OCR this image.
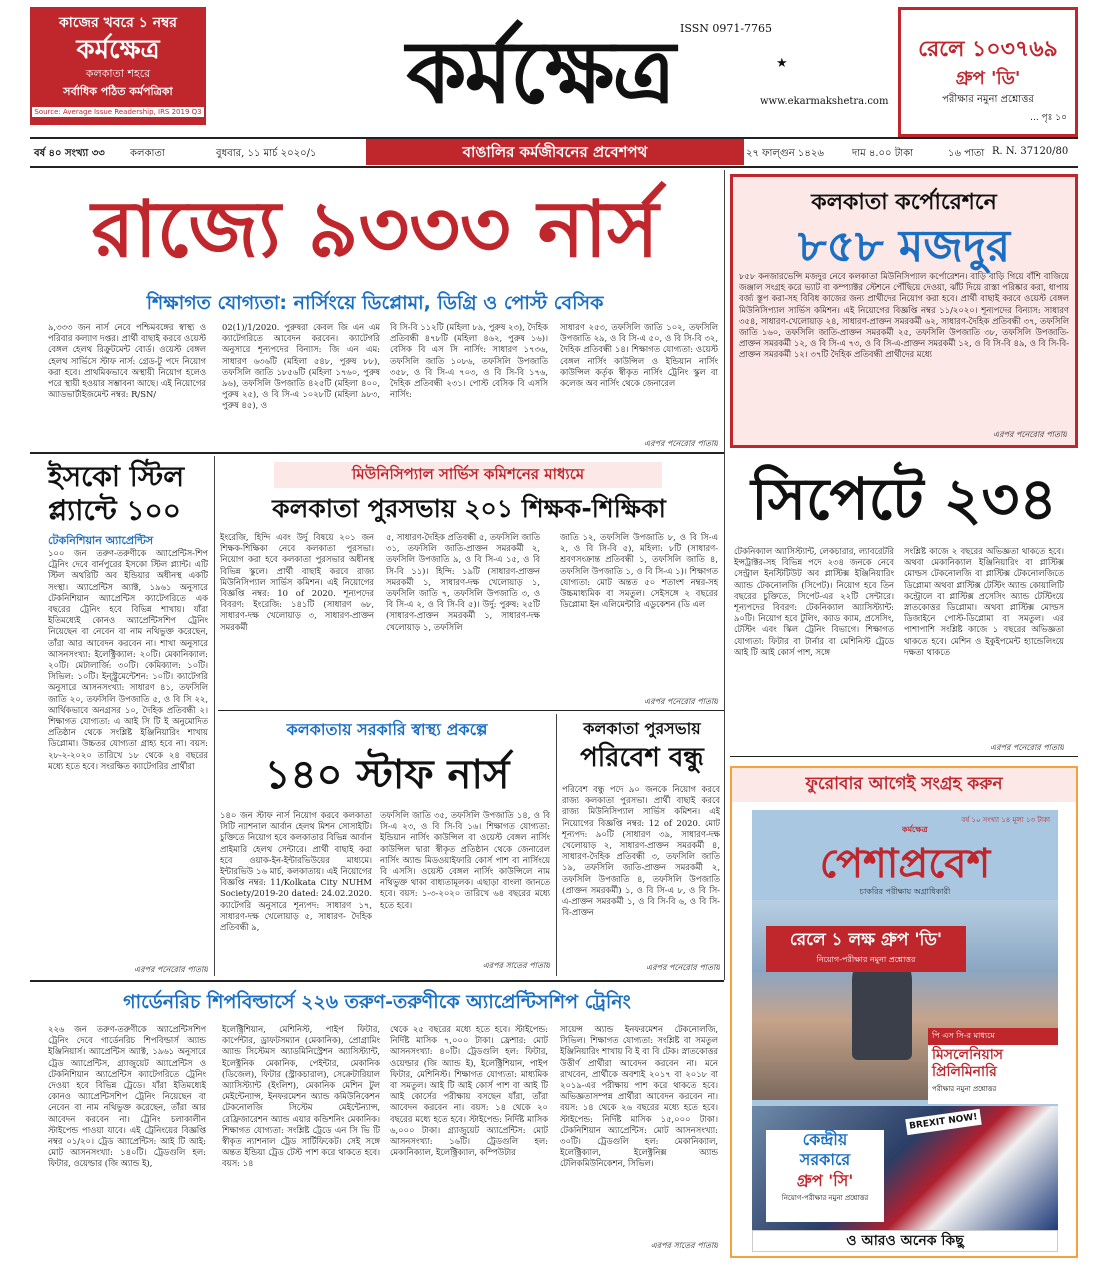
কাজের খবরে ১ নম্বর
কর্মক্ষেত্র
কলকাতা শহরে
সর্বাধিক পঠিত কর্মপত্রিকা
Source: Average Issue Readership, IRS 2019 Q3
ISSN 0971-7765
কর্মক্ষেত্র	★
www.ekarmakshetra.com
রেলে ১০৩৭৬৯
গ্রুপ 'ডি'
পরীক্ষার নমুনা প্রশ্নোত্তর
... পৃঃ ১০
বর্ষ ৪০ সংখ্যা ৩৩	কলকাতা	বুধবার, ১১ মার্চ ২০২০/১	বাঙালির কর্মজীবনের প্রবেশপথ	২৭ ফাল্গুন ১৪২৬	দাম ৪.০০ টাকা	১৬ পাতা R. N. 37120/80
রাজ্যে ৯৩৩৩ নার্স
শিক্ষাগত যোগ্যতা: নার্সিংয়ে ডিপ্লোমা, ডিগ্রি ও পোস্ট বেসিক
৯,৩৩৩ জন নার্স নেবে পশ্চিমবঙ্গের স্বাস্থ্য ও পরিবার কল্যাণ দপ্তর। প্রার্থী বাছাই করবে ওয়েস্ট বেঙ্গল হেলথ রিক্রুটমেন্ট বোর্ড। ওয়েস্ট বেঙ্গল হেলথ সার্ভিসে স্টাফ নার্স: গ্রেড-টু পদে নিয়োগ করা হবে। প্রাথমিকভাবে অস্থায়ী নিয়োগ হলেও পরে স্থায়ী হওয়ার সম্ভাবনা আছে। এই নিয়োগের অ্যাডভার্টাইজমেন্ট নম্বর: R/SN/
02(1)/1/2020. পুরুষরা কেবল জি এন এম ক্যাটেগরিতে আবেদন করবেন। ক্যাটেগরি অনুসারে শূন্যপদের বিন্যাস: জি এন এম: সাধারণ ৬৩৬টি (মহিলা ৫৪৮, পুরুষ ৮৮), তফসিলি জাতি ১৮৫৬টি (মহিলা ১৭৬০, পুরুষ ৯৬), তফসিলি উপজাতি ৪২৫টি (মহিলা ৪০০, পুরুষ ২৫), ও বি সি-এ ১০২৮টি (মহিলা ৯৮৩, পুরুষ ৪৫), ও
বি সি-বি ১১২টি (মহিলা ৮৯, পুরুষ ২৩), দৈহিক প্রতিবন্ধী ৪৭৮টি (মহিলা ৪৬২, পুরুষ ১৬)। বেসিক বি এস সি নার্সিং: সাধারণ ১৭৩৬, তফসিলি জাতি ১০৮৬, তফসিলি উপজাতি ৩৫৮, ও বি সি-এ ৭০৩, ও বি সি-বি ১৭৬, দৈহিক প্রতিবন্ধী ২৩১। পোস্ট বেসিক বি এসসি নার্সিং:
সাধারণ ২৫৩, তফসিলি জাতি ১০২, তফসিলি উপজাতি ২৯, ও বি সি-এ ৫০, ও বি সি-বি ৩২, দৈহিক প্রতিবন্ধী ১৪। শিক্ষাগত যোগ্যতা: ওয়েস্ট বেঙ্গল নার্সিং কাউন্সিল ও ইন্ডিয়ান নার্সিং কাউন্সিল কর্তৃক স্বীকৃত নার্সিং ট্রেনিং স্কুল বা কলেজ অব নার্সিং থেকে জেনারেল
এরপর পনেরোর পাতায়
কলকাতা কর্পোরেশনে
৮৫৮ মজদুর
৮৫৮ কনজারভেন্সি মজদুর নেবে কলকাতা মিউনিসিপ্যাল কর্পোরেশন। বাড়ি বাড়ি গিয়ে বাঁশি বাজিয়ে জঞ্জাল সংগ্রহ করে ভ্যাট বা কম্প্যাক্টর স্টেশনে পৌঁছিয়ে দেওয়া, ঝাঁট দিয়ে রাস্তা পরিষ্কার করা, ধাপায় বর্জ্য স্তূপ করা-সহ বিবিধ কাজের জন্য প্রার্থীদের নিয়োগ করা হবে। প্রার্থী বাছাই করবে ওয়েস্ট বেঙ্গল মিউনিসিপ্যাল সার্ভিস কমিশন। এই নিয়োগের বিজ্ঞপ্তি নম্বর ১১/২০২০। শূন্যপদের বিন্যাস: সাধারণ ৩৫৪, সাধারণ-খেলোয়াড় ২৪, সাধারণ-প্রাক্তন সমরকর্মী ৬২, সাধারণ-দৈহিক প্রতিবন্ধী ৩৭, তফসিলি জাতি ১৬০, তফসিলি জাতি-প্রাক্তন সমরকর্মী ২৫, তফসিলি উপজাতি ৩৮, তফসিলি উপজাতি-প্রাক্তন সমরকর্মী ১২, ও বি সি-এ ৭৩, ও বি সি-এ-প্রাক্তন সমরকর্মী ১২, ও বি সি-বি ৪৯, ও বি সি-বি-প্রাক্তন সমরকর্মী ১২। ৩৭টি দৈহিক প্রতিবন্ধী প্রার্থীদের মধ্যে
এরপর পনেরোর পাতায়
ইসকো স্টিল
প্ল্যান্টে ১০০
টেকনিশিয়ান অ্যাপ্রেন্টিস
১০০ জন তরুণ-তরুণীকে অ্যাপ্রেন্টিস-শিপ ট্রেনিং দেবে বার্নপুরের ইসকো স্টিল প্ল্যান্ট। এটি স্টিল অথরিটি অব ইন্ডিয়ার অধীনস্থ একটি সংস্থা। অ্যাপ্রেন্টিস অ্যাক্ট, ১৯৬১ অনুসারে টেকনিশিয়ান অ্যাপ্রেন্টিস ক্যাটেগরিতে এক বছরের ট্রেনিং হবে বিভিন্ন শাখায়। যাঁরা ইতিমধ্যেই কোনও অ্যাপ্রেন্টিসশিপ ট্রেনিং নিয়েছেন বা নেবেন বা নাম নথিভুক্ত করেছেন, তাঁরা আর আবেদন করবেন না। শাখা অনুসারে আসনসংখ্যা: ইলেক্ট্রিক্যাল: ২০টি। মেকানিক্যাল: ২০টি। মেটালার্জি: ৩০টি। কেমিক্যাল: ১০টি। সিভিল: ১০টি। ইন্‌স্ট্রুমেন্টেশন: ১০টি। ক্যাটেগরি অনুসারে আসনসংখ্যা: সাধারণ ৪১, তফসিলি জাতি ২০, তফসিলি উপজাতি ৫, ও বি সি ২২, আর্থিকভাবে অনগ্রসর ১০, দৈহিক প্রতিবন্ধী ২। শিক্ষাগত যোগ্যতা: এ আই সি টি ই অনুমোদিত প্রতিষ্ঠান থেকে সংশ্লিষ্ট ইঞ্জিনিয়ারিং শাখায় ডিপ্লোমা। উচ্চতর যোগ্যতা গ্রাহ্য হবে না। বয়স: ২৮-২-২০২০ তারিখে ১৮ থেকে ২৪ বছরের মধ্যে হতে হবে। সংরক্ষিত ক্যাটেগরির প্রার্থীরা
এরপর পনেরোর পাতায়
মিউনিসিপ্যাল সার্ভিস কমিশনের মাধ্যমে
কলকাতা পুরসভায় ২০১ শিক্ষক-শিক্ষিকা
ইংরেজি, হিন্দি এবং উর্দু বিষয়ে ২০১ জন শিক্ষক-শিক্ষিকা নেবে কলকাতা পুরসভা। নিয়োগ করা হবে কলকাতা পুরসভার অধীনস্থ বিভিন্ন স্কুলে। প্রার্থী বাছাই করবে রাজ্য মিউনিসিপ্যাল সার্ভিস কমিশন। এই নিয়োগের বিজ্ঞপ্তি নম্বর: 10 of 2020. শূন্যপদের বিবরণ: ইংরেজি: ১৪১টি (সাধারণ ৬৮, সাধারণ-দক্ষ খেলোয়াড় ৩, সাধারণ-প্রাক্তন সমরকর্মী
৫, সাধারণ-দৈহিক প্রতিবন্ধী ৫, তফসিলি জাতি ৩১, তফসিলি জাতি-প্রাক্তন সমরকর্মী ২, তফসিলি উপজাতি ৯, ও বি সি-এ ১৫, ও বি সি-বি ১১)। হিন্দি: ১৯টি (সাধারণ-প্রাক্তন সমরকর্মী ১, সাধারণ-দক্ষ খেলোয়াড় ১, তফসিলি জাতি ৭, তফসিলি উপজাতি ৩, ও বি সি-এ ২, ও বি সি-বি ৫)। উর্দু: পুরুষ: ২৫টি (সাধারণ-প্রাক্তন সমরকর্মী ১, সাধারণ-দক্ষ খেলোয়াড় ১, তফসিলি
জাতি ১২, তফসিলি উপজাতি ৮, ও বি সি-এ ২, ও বি সি-বি ৫), মহিলা: ৮টি (সাধারণ-শ্রবণসংক্রান্ত প্রতিবন্ধী ১, তফসিলি জাতি ৪, তফসিলি উপজাতি ১, ও বি সি-এ ১)। শিক্ষাগত যোগ্যতা: মোট অন্তত ৫০ শতাংশ নম্বর-সহ উচ্চমাধ্যমিক বা সমতুল। সেইসঙ্গে ২ বছরের ডিপ্লোমা ইন এলিমেন্টারি এডুকেশন (ডি এল
এরপর পনেরোর পাতায়
সিপেটে ২৩৪
টেকনিক্যাল অ্যাসিস্ট্যান্ট, লেকচারার, ল্যাবরেটরি ইন্সট্রাক্টর-সহ বিভিন্ন পদে ২৩৪ জনকে নেবে সেন্ট্রাল ইনস্টিটিউট অব প্লাস্টিক্স ইঞ্জিনিয়ারিং অ্যান্ড টেকনোলজি (সিপেট)। নিয়োগ হবে তিন বছরের চুক্তিতে, সিপেট-এর ২২টি সেন্টারে। শূন্যপদের বিবরণ: টেকনিক্যাল অ্যাসিস্ট্যান্ট: ৯০টি। নিয়োগ হবে টুলিং, ক্যাড ক্যাম, প্রসেসিং, টেস্টিং এবং স্কিল ট্রেনিং বিভাগে। শিক্ষাগত যোগ্যতা: ফিটার বা টার্নার বা মেশিনিস্ট ট্রেডে আই টি আই কোর্স পাশ, সঙ্গে
সংশ্লিষ্ট কাজে ২ বছরের অভিজ্ঞতা থাকতে হবে। অথবা মেকানিক্যাল ইঞ্জিনিয়ারিং বা প্লাস্টিক্স মোল্ডস টেকনোলজি বা প্লাস্টিক্স টেকনোলজিতে ডিপ্লোমা অথবা প্লাস্টিক্স টেস্টিং অ্যান্ড কোয়ালিটি কন্ট্রোলে বা প্লাস্টিক্স প্রসেসিং অ্যান্ড টেস্টিংয়ে স্নাতকোত্তর ডিপ্লোমা। অথবা প্লাস্টিক্স মোল্ডস ডিজাইনে পোস্ট-ডিপ্লোমা বা সমতুল। এর পাশাপাশি সংশ্লিষ্ট কাজে ১ বছরের অভিজ্ঞতা থাকতে হবে। মেশিন ও ইকুইপমেন্ট হ্যান্ডেলিংয়ে দক্ষতা থাকতে
এরপর পনেরোর পাতায়
কলকাতায় সরকারি স্বাস্থ্য প্রকল্পে
১৪০ স্টাফ নার্স
১৪০ জন স্টাফ নার্স নিয়োগ করবে কলকাতা সিটি ন্যাশনাল আর্বান হেলথ মিশন সোসাইটি। চুক্তিতে নিয়োগ হবে কলকাতার বিভিন্ন আর্বান প্রাইমারি হেলথ সেন্টারে। প্রার্থী বাছাই করা হবে ওয়াক-ইন-ইন্টারভিউয়ের মাধ্যমে। ইন্টারভিউ ১৬ মার্চ, কলকাতায়। এই নিয়োগের বিজ্ঞপ্তি নম্বর: 11/Kolkata City NUHM Society/2019-20 dated: 24.02.2020. ক্যাটেগরি অনুসারে শূন্যপদ: সাধারণ ১৭, সাধারণ-দক্ষ খেলোয়াড় ৫, সাধারণ- দৈহিক প্রতিবন্ধী ৯,
তফসিলি জাতি ৩৫, তফসিলি উপজাতি ১৪, ও বি সি-এ ২৩, ও বি সি-বি ১৬। শিক্ষাগত যোগ্যতা: ইন্ডিয়ান নার্সিং কাউন্সিল বা ওয়েস্ট বেঙ্গল নার্সিং কাউন্সিল দ্বারা স্বীকৃত প্রতিষ্ঠান থেকে জেনারেল নার্সিং অ্যান্ড মিডওয়াইফারি কোর্স পাশ বা নার্সিংয়ে বি এসসি। ওয়েস্ট বেঙ্গল নার্সিং কাউন্সিলে নাম নথিভুক্ত থাকা বাধ্যতামূলক। এছাড়া বাংলা জানতে হবে। বয়স: ১-৩-২০২০ তারিখে ৬৪ বছরের মধ্যে হতে হবে।
এরপর সাতের পাতায়
কলকাতা পুরসভায়
পরিবেশ বন্ধু
পরিবেশ বন্ধু পদে ৯০ জনকে নিয়োগ করবে রাজ্য কলকাতা পুরসভা। প্রার্থী বাছাই করবে রাজ্য মিউনিসিপ্যাল সার্ভিস কমিশন। এই নিয়োগের বিজ্ঞপ্তি নম্বর: 12 of 2020. মোট শূন্যপদ: ৯০টি (সাধারণ ৩৯, সাধারণ-দক্ষ খেলোয়াড় ২, সাধারণ-প্রাক্তন সমরকর্মী ৪, সাধারণ-দৈহিক প্রতিবন্ধী ৩, তফসিলি জাতি ১৯, তফসিলি জাতি-প্রাক্তন সমরকর্মী ২, তফসিলি উপজাতি ৪, তফসিলি উপজাতি (প্রাক্তন সমরকর্মী) ১, ও বি সি-এ ৮, ও বি সি-এ-প্রাক্তন সমরকর্মী ১, ও বি সি-বি ৬, ও বি সি-বি-প্রাক্তন
এরপর পনেরোর পাতায়
ফুরোবার আগেই সংগ্রহ করুন
বর্ষ ১০ সংখ্যা ১৪ মূল্য ১৩ টাকা
কর্মক্ষেত্র
পেশাপ্রবেশ
চাকরির পরীক্ষায় অগ্রাধিকারী
রেলে ১ লক্ষ গ্রুপ 'ডি'
নিয়োগ-পরীক্ষার নমুনা প্রশ্নোত্তর
পি এস সি-র মাধ্যমে
মিসলেনিয়াস প্রিলিমিনারি
পরীক্ষার নমুনা প্রশ্নোত্তর
BREXIT NOW!
কেন্দ্রীয়
সরকারে
গ্রুপ 'সি'
নিয়োগ-পরীক্ষার নমুনা প্রশ্নোত্তর
ও আরও অনেক কিছু
গার্ডেনরিচ শিপবিল্ডার্সে ২২৬ তরুণ-তরুণীকে অ্যাপ্রেন্টিসশিপ ট্রেনিং
২২৬ জন তরুণ-তরুণীকে অ্যাপ্রেন্টিসশিপ ট্রেনিং দেবে গার্ডেনরিচ শিপবিল্ডার্স অ্যান্ড ইঞ্জিনিয়ার্স। অ্যাপ্রেন্টিস অ্যাক্ট, ১৯৬১ অনুসারে ট্রেড অ্যাপ্রেন্টিস, গ্র্যাজুয়েট অ্যাপ্রেন্টিস ও টেকনিশিয়ান অ্যাপ্রেন্টিস ক্যাটেগরিতে ট্রেনিং দেওয়া হবে বিভিন্ন ট্রেডে। যাঁরা ইতিমধ্যেই কোনও অ্যাপ্রেন্টিসশিপ ট্রেনিং নিয়েছেন বা নেবেন বা নাম নথিভুক্ত করেছেন, তাঁরা আর আবেদন করবেন না। ট্রেনিং চলাকালীন স্টাইপেন্ড পাওয়া যাবে। এই ট্রেনিংয়ের বিজ্ঞপ্তি নম্বর ০১/২০। ট্রেড অ্যাপ্রেন্টিস: আই টি আই: মোট আসনসংখ্যা: ১৪০টি। ট্রেডগুলি হল: ফিটার, ওয়েল্ডার (জি অ্যান্ড ই),
ইলেক্ট্রিশিয়ান, মেশিনিস্ট, পাইপ ফিটার, কার্পেন্টার, ড্রাফটসম্যান (মেকানিক), প্রোগ্রামিং অ্যান্ড সিস্টেমস অ্যাডমিনিস্ট্রেশন অ্যাসিস্ট্যান্ট, ইলেক্ট্রনিক মেকানিক, পেইন্টার, মেকানিক (ডিজেল), ফিটার (স্ট্রাকচারাল), সেক্রেটারিয়াল অ্যাসিস্ট্যান্ট (ইংলিশ), মেকানিক মেশিন টুল মেইন্টেন্যান্স, ইনফরমেশন অ্যান্ড কমিউনিকেশন টেকনোলজি সিস্টেম মেইন্টেন্যান্স, রেফ্রিজারেশন অ্যান্ড এয়ার কন্ডিশনিং মেকানিক। শিক্ষাগত যোগ্যতা: সংশ্লিষ্ট ট্রেডে এন সি ভি টি স্বীকৃত ন্যাশনাল ট্রেড সার্টিফিকেট। সেই সঙ্গে অন্তত ইন্ডিয়া ট্রেড টেস্ট পাশ করে থাকতে হবে। বয়স: ১৪
থেকে ২৫ বছরের মধ্যে হতে হবে। স্টাইপেন্ড: নির্দিষ্ট মাসিক ৭,০০০ টাকা। ফ্রেশার: মোট আসনসংখ্যা: ৪০টি। ট্রেডগুলি হল: ফিটার, ওয়েল্ডার (জি অ্যান্ড ই), ইলেক্ট্রিশিয়ান, পাইপ ফিটার, মেশিনিস্ট। শিক্ষাগত যোগ্যতা: মাধ্যমিক বা সমতুল। আই টি আই কোর্স পাশ বা আই টি আই কোর্সের পরীক্ষায় বসছেন যাঁরা, তাঁরা আবেদন করবেন না। বয়স: ১৪ থেকে ২০ বছরের মধ্যে হতে হবে। স্টাইপেন্ড: নির্দিষ্ট মাসিক ৬,০০০ টাকা। গ্র্যাজুয়েট অ্যাপ্রেন্টিস: মোট আসনসংখ্যা: ১৬টি। ট্রেডগুলি হল: মেকানিক্যাল, ইলেক্ট্রিক্যাল, কম্পিউটার
সায়েন্স অ্যান্ড ইনফরমেশন টেকনোলজি, সিভিল। শিক্ষাগত যোগ্যতা: সংশ্লিষ্ট বা সমতুল ইঞ্জিনিয়ারিং শাখায় বি ই বা বি টেক। স্নাতকোত্তর উত্তীর্ণ প্রার্থীরা আবেদন করবেন না। মনে রাখবেন, প্রার্থীকে অবশ্যই ২০১৭ বা ২০১৮ বা ২০১৯-এর পরীক্ষায় পাশ করে থাকতে হবে। অভিজ্ঞতাসম্পন্ন প্রার্থীরা আবেদন করবেন না। বয়স: ১৪ থেকে ২৬ বছরের মধ্যে হতে হবে। স্টাইপেন্ড: নির্দিষ্ট মাসিক ১৫,০০০ টাকা। টেকনিশিয়ান অ্যাপ্রেন্টিস: মোট আসনসংখ্যা: ৩০টি। ট্রেডগুলি হল: মেকানিক্যাল, ইলেক্ট্রিক্যাল, ইলেক্ট্রনিক্স অ্যান্ড টেলিকমিউনিকেশন, সিভিল।
এরপর সাতের পাতায়
